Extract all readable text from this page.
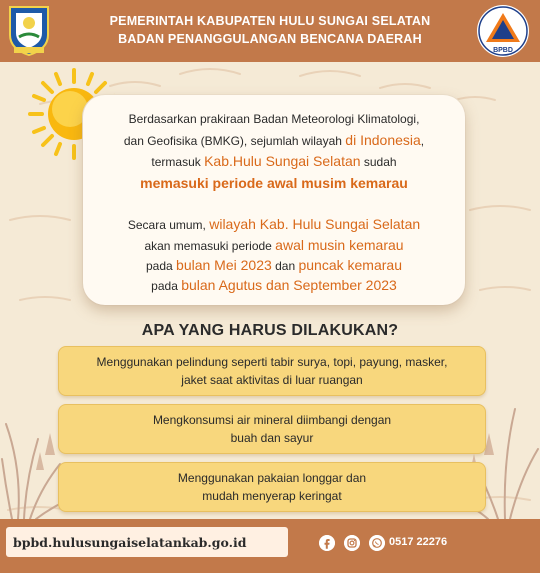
PEMERINTAH KABUPATEN HULU SUNGAI SELATAN
BADAN PENANGGULANGAN BENCANA DAERAH
BPBD
Berdasarkan prakiraan Badan Meteorologi Klimatologi,
dan Geofisika (BMKG), sejumlah wilayah di Indonesia,
termasuk Kab.Hulu Sungai Selatan sudah
memasuki periode awal musim kemarau
Secara umum, wilayah Kab. Hulu Sungai Selatan
akan memasuki periode awal musin kemarau
pada bulan Mei 2023 dan puncak kemarau
pada bulan Agutus dan September 2023
APA YANG HARUS DILAKUKAN?
Menggunakan pelindung seperti tabir surya, topi, payung, masker,
jaket saat aktivitas di luar ruangan
Mengkonsumsi air mineral diimbangi dengan
buah dan sayur
Menggunakan pakaian longgar dan
mudah menyerap keringat
bpbd.hulusungaiselatankab.go.id	0517 22276
